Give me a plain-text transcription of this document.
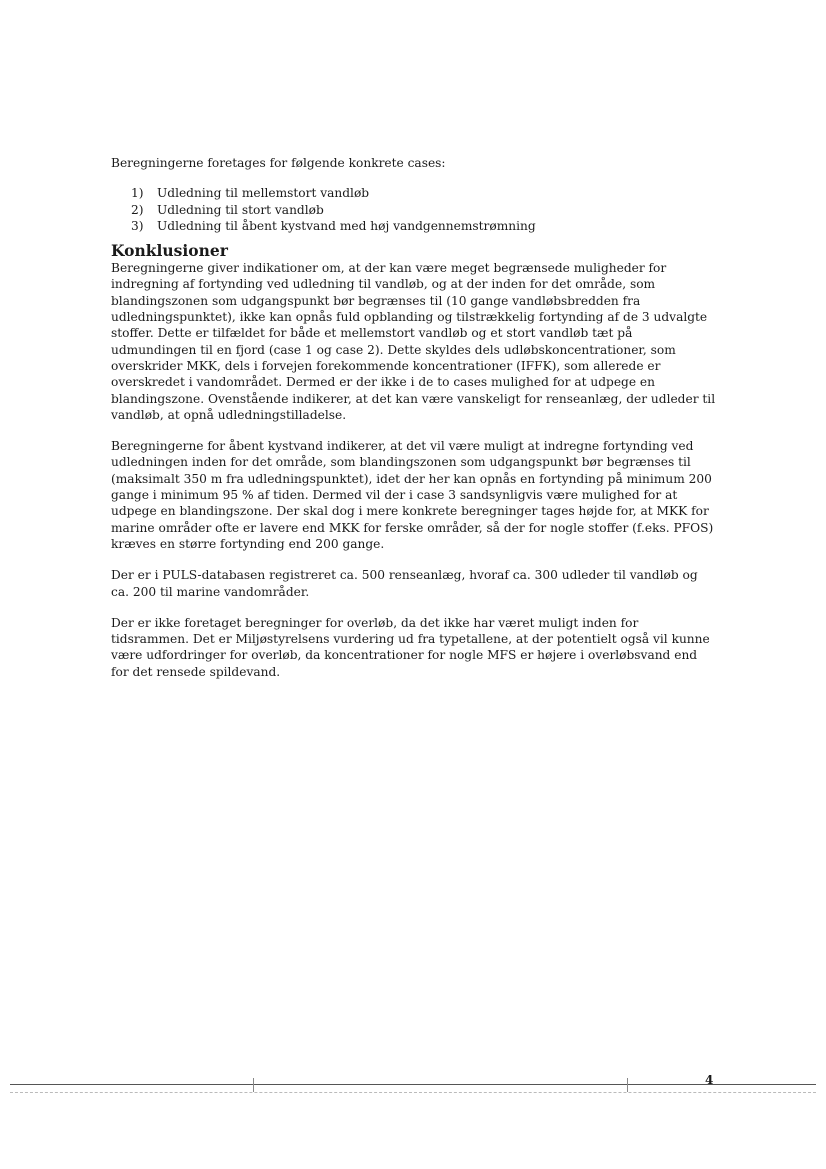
Beregningerne foretages for følgende konkrete cases:

1)	Udledning til mellemstort vandløb
2)	Udledning til stort vandløb
3)	Udledning til åbent kystvand med høj vandgennemstrømning
Konklusioner

Beregningerne giver indikationer om, at der kan være meget begrænsede muligheder for indregning af fortynding ved udledning til vandløb, og at der inden for det område, som blandingszonen som udgangspunkt bør begrænses til (10 gange vandløbsbredden fra udledningspunktet), ikke kan opnås fuld opblanding og tilstrækkelig fortynding af de 3 udvalgte stoffer. Dette er tilfældet for både et mellemstort vandløb og et stort vandløb tæt på udmundingen til en fjord (case 1 og case 2). Dette skyldes dels udløbskoncentrationer, som overskrider MKK, dels i forvejen forekommende koncentrationer (IFFK), som allerede er overskredet i vandområdet. Dermed er der ikke i de to cases mulighed for at udpege en blandingszone. Ovenstående indikerer, at det kan være vanskeligt for renseanlæg, der udleder til vandløb, at opnå udledningstilladelse.

Beregningerne for åbent kystvand indikerer, at det vil være muligt at indregne fortynding ved udledningen inden for det område, som blandingszonen som udgangspunkt bør begrænses til (maksimalt 350 m fra udledningspunktet), idet der her kan opnås en fortynding på minimum 200 gange i minimum 95 % af tiden. Dermed vil der i case 3 sandsynligvis være mulighed for at udpege en blandingszone. Der skal dog i mere konkrete beregninger tages højde for, at MKK for marine områder ofte er lavere end MKK for ferske områder, så der for nogle stoffer (f.eks. PFOS) kræves en større fortynding end 200 gange.

Der er i PULS-databasen registreret ca. 500 renseanlæg, hvoraf ca. 300 udleder til vandløb og ca. 200 til marine vandområder.

Der er ikke foretaget beregninger for overløb, da det ikke har været muligt inden for tidsrammen. Det er Miljøstyrelsens vurdering ud fra typetallene, at der potentielt også vil kunne være udfordringer for overløb, da koncentrationer for nogle MFS er højere i overløbsvand end for det rensede spildevand.

4
